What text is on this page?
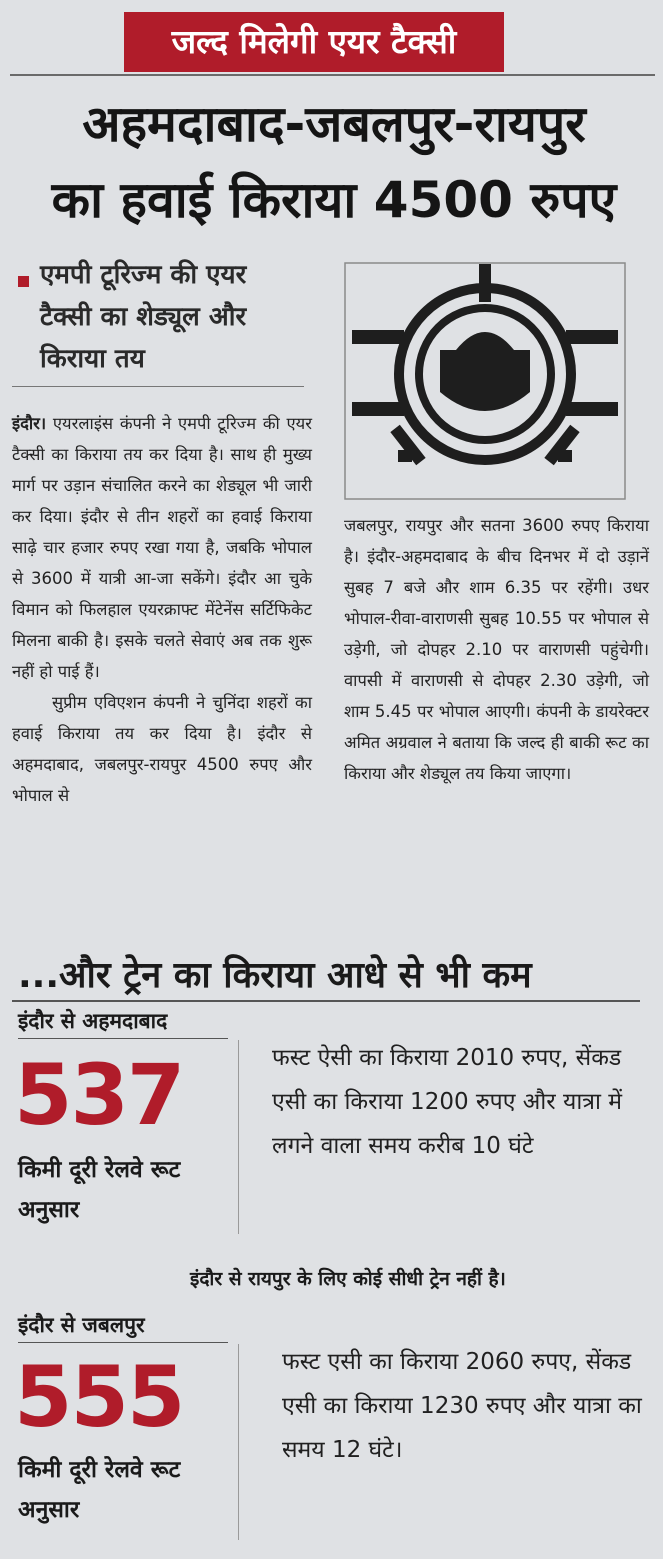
जल्द मिलेगी एयर टैक्सी
अहमदाबाद-जबलपुर-रायपुर
का हवाई किराया 4500 रुपए
एमपी टूरिज्म की एयर टैक्सी का शेड्यूल और किराया तय

इंदौर। एयरलाइंस कंपनी ने एमपी टूरिज्म की एयर टैक्सी का किराया तय कर दिया है। साथ ही मुख्य मार्ग पर उड़ान संचालित करने का शेड्यूल भी जारी कर दिया। इंदौर से तीन शहरों का हवाई किराया साढ़े चार हजार रुपए रखा गया है, जबकि भोपाल से 3600 में यात्री आ-जा सकेंगे। इंदौर आ चुके विमान को फिलहाल एयरक्राफ्ट मेंटेनेंस सर्टिफिकेट मिलना बाकी है। इसके चलते सेवाएं अब तक शुरू नहीं हो पाई हैं।

सुप्रीम एविएशन कंपनी ने चुनिंदा शहरों का हवाई किराया तय कर दिया है। इंदौर से अहमदाबाद, जबलपुर-रायपुर 4500 रुपए और भोपाल से

जबलपुर, रायपुर और सतना 3600 रुपए किराया है। इंदौर-अहमदाबाद के बीच दिनभर में दो उड़ानें सुबह 7 बजे और शाम 6.35 पर रहेंगी। उधर भोपाल-रीवा-वाराणसी सुबह 10.55 पर भोपाल से उड़ेगी, जो दोपहर 2.10 पर वाराणसी पहुंचेगी। वापसी में वाराणसी से दोपहर 2.30 उड़ेगी, जो शाम 5.45 पर भोपाल आएगी। कंपनी के डायरेक्टर अमित अग्रवाल ने बताया कि जल्द ही बाकी रूट का किराया और शेड्यूल तय किया जाएगा।

...और ट्रेन का किराया आधे से भी कम
इंदौर से अहमदाबाद
537
किमी दूरी रेलवे रूट अनुसार
फस्ट ऐसी का किराया 2010 रुपए, सेंकड एसी का किराया 1200 रुपए और यात्रा में लगने वाला समय करीब 10 घंटे
इंदौर से रायपुर के लिए कोई सीधी ट्रेन नहीं है।
इंदौर से जबलपुर
555
किमी दूरी रेलवे रूट अनुसार
फस्ट एसी का किराया 2060 रुपए, सेंकड एसी का किराया 1230 रुपए और यात्रा का समय 12 घंटे।
